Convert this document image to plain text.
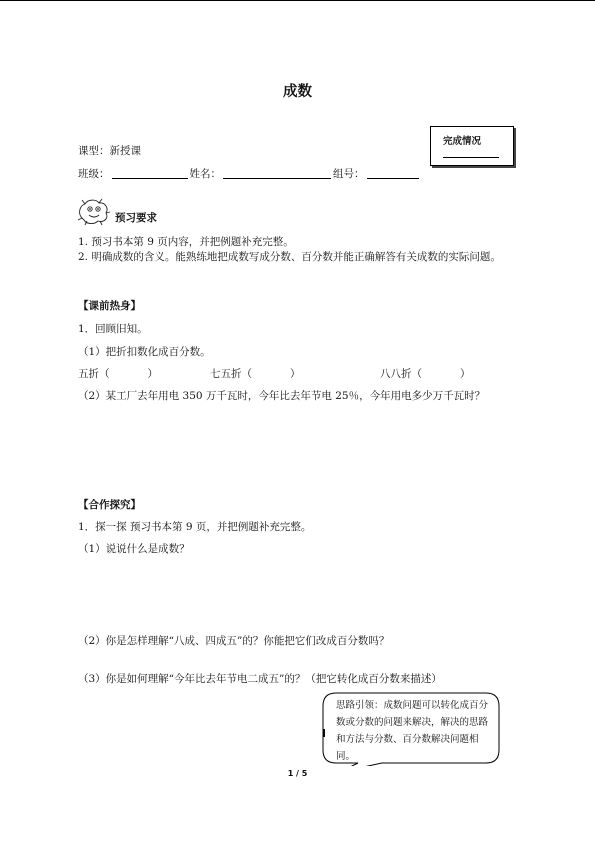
成数
完成情况
课型：新授课
班级：	姓名：	组号：
预习要求
1. 预习书本第 9 页内容，并把例题补充完整。
2. 明确成数的含义。能熟练地把成数写成分数、百分数并能正确解答有关成数的实际问题。
【课前热身】
1．回顾旧知。
（1）把折扣数化成百分数。
五折（	）	七五折（	）	八八折（	）
（2）某工厂去年用电 350 万千瓦时，今年比去年节电 25％，今年用电多少万千瓦时？
【合作探究】
1．探一探 预习书本第 9 页，并把例题补充完整。
（1）说说什么是成数？
（2）你是怎样理解“八成、四成五”的？你能把它们改成百分数吗？
（3）你是如何理解“今年比去年节电二成五”的？（把它转化成百分数来描述）
思路引领：成数问题可以转化成百分数或分数的问题来解决，解决的思路和方法与分数、百分数解决问题相同。
1 / 5
